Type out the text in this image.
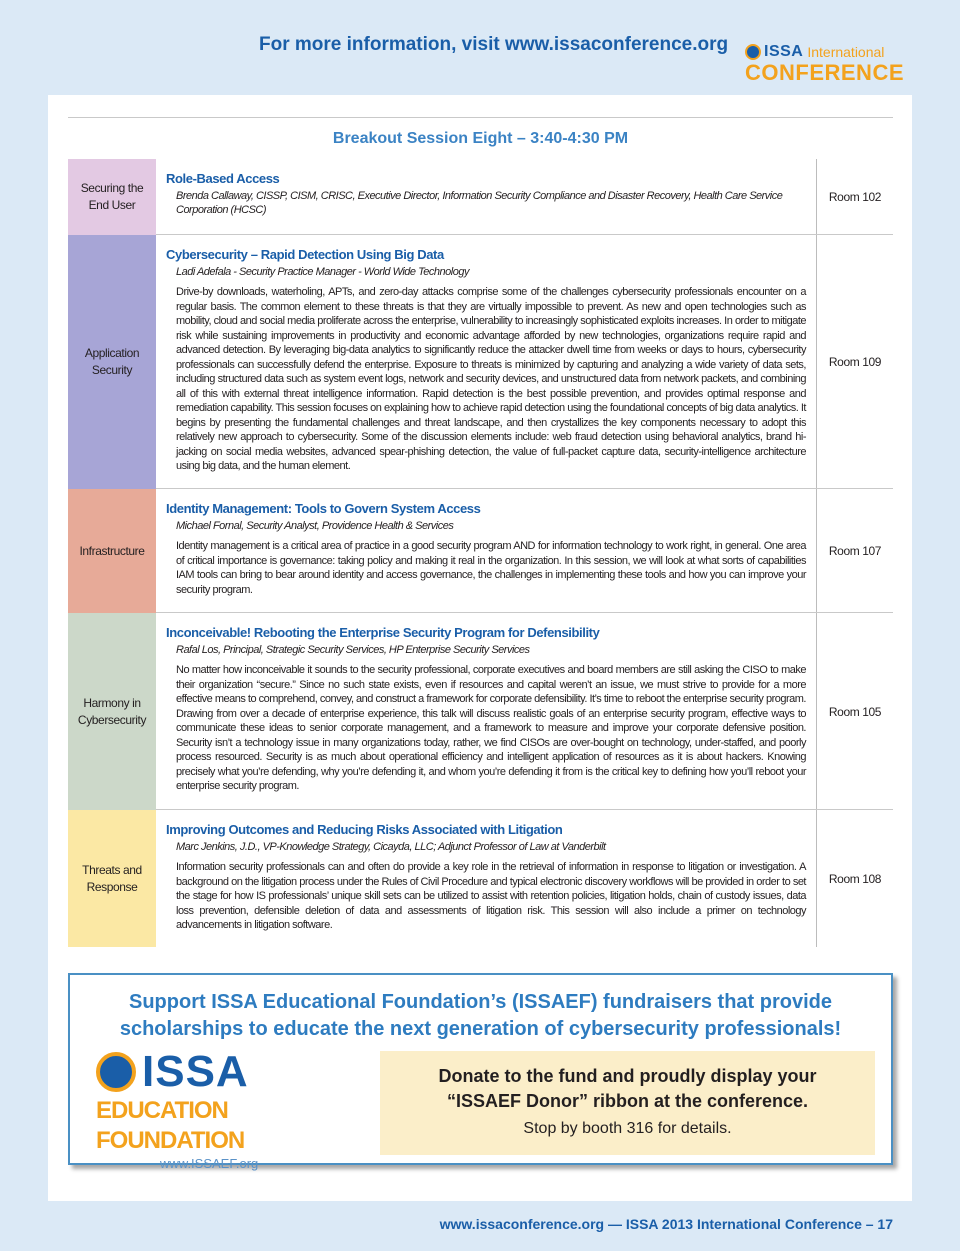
For more information, visit www.issaconference.org ISSA International
CONFERENCE
Breakout Session Eight – 3:40-4:30 PM
Securing the End User
Role-Based Access
Brenda Callaway, CISSP, CISM, CRISC, Executive Director, Information Security Compliance and Disaster Recovery, Health Care Service Corporation (HCSC)
Room 102
Application Security
Cybersecurity – Rapid Detection Using Big Data
Ladi Adefala - Security Practice Manager - World Wide Technology
Drive-by downloads, waterholing, APTs, and zero-day attacks comprise some of the challenges cybersecurity professionals encounter on a regular basis. The common element to these threats is that they are virtually impossible to prevent. As new and open technologies such as mobility, cloud and social media proliferate across the enterprise, vulnerability to increasingly sophisticated exploits increases. In order to mitigate risk while sustaining improvements in productivity and economic advantage afforded by new technologies, organizations require rapid and advanced detection. By leveraging big-data analytics to significantly reduce the attacker dwell time from weeks or days to hours, cybersecurity professionals can successfully defend the enterprise. Exposure to threats is minimized by capturing and analyzing a wide variety of data sets, including structured data such as system event logs, network and security devices, and unstructured data from network packets, and combining all of this with external threat intelligence information. Rapid detection is the best possible prevention, and provides optimal response and remediation capability. This session focuses on explaining how to achieve rapid detection using the foundational concepts of big data analytics. It begins by presenting the fundamental challenges and threat landscape, and then crystallizes the key components necessary to adopt this relatively new approach to cybersecurity. Some of the discussion elements include: web fraud detection using behavioral analytics, brand hi-jacking on social media websites, advanced spear-phishing detection, the value of full-packet capture data, security-intelligence architecture using big data, and the human element.
Room 109
Infrastructure
Identity Management: Tools to Govern System Access
Michael Fornal, Security Analyst, Providence Health & Services
Identity management is a critical area of practice in a good security program AND for information technology to work right, in general. One area of critical importance is governance: taking policy and making it real in the organization. In this session, we will look at what sorts of capabilities IAM tools can bring to bear around identity and access governance, the challenges in implementing these tools and how you can improve your security program.
Room 107
Harmony in Cybersecurity
Inconceivable! Rebooting the Enterprise Security Program for Defensibility
Rafal Los, Principal, Strategic Security Services, HP Enterprise Security Services
No matter how inconceivable it sounds to the security professional, corporate executives and board members are still asking the CISO to make their organization “secure.” Since no such state exists, even if resources and capital weren’t an issue, we must strive to provide for a more effective means to comprehend, convey, and construct a framework for corporate defensibility. It’s time to reboot the enterprise security program. Drawing from over a decade of enterprise experience, this talk will discuss realistic goals of an enterprise security program, effective ways to communicate these ideas to senior corporate management, and a framework to measure and improve your corporate defensive position. Security isn’t a technology issue in many organizations today, rather, we find CISOs are over-bought on technology, under-staffed, and poorly process resourced. Security is as much about operational efficiency and intelligent application of resources as it is about hackers. Knowing precisely what you’re defending, why you’re defending it, and whom you’re defending it from is the critical key to defining how you’ll reboot your enterprise security program.
Room 105
Threats and Response
Improving Outcomes and Reducing Risks Associated with Litigation
Marc Jenkins, J.D., VP-Knowledge Strategy, Cicayda, LLC; Adjunct Professor of Law at Vanderbilt
Information security professionals can and often do provide a key role in the retrieval of information in response to litigation or investigation. A background on the litigation process under the Rules of Civil Procedure and typical electronic discovery workflows will be provided in order to set the stage for how IS professionals’ unique skill sets can be utilized to assist with retention policies, litigation holds, chain of custody issues, data loss prevention, defensible deletion of data and assessments of litigation risk. This session will also include a primer on technology advancements in litigation software.
Room 108
Support ISSA Educational Foundation’s (ISSAEF) fundraisers that provide
scholarships to educate the next generation of cybersecurity professionals!
ISSA
EDUCATION FOUNDATION
www.ISSAEF.org
Donate to the fund and proudly display your
“ISSAEF Donor” ribbon at the conference.
Stop by booth 316 for details.
www.issaconference.org — ISSA 2013 International Conference – 17
